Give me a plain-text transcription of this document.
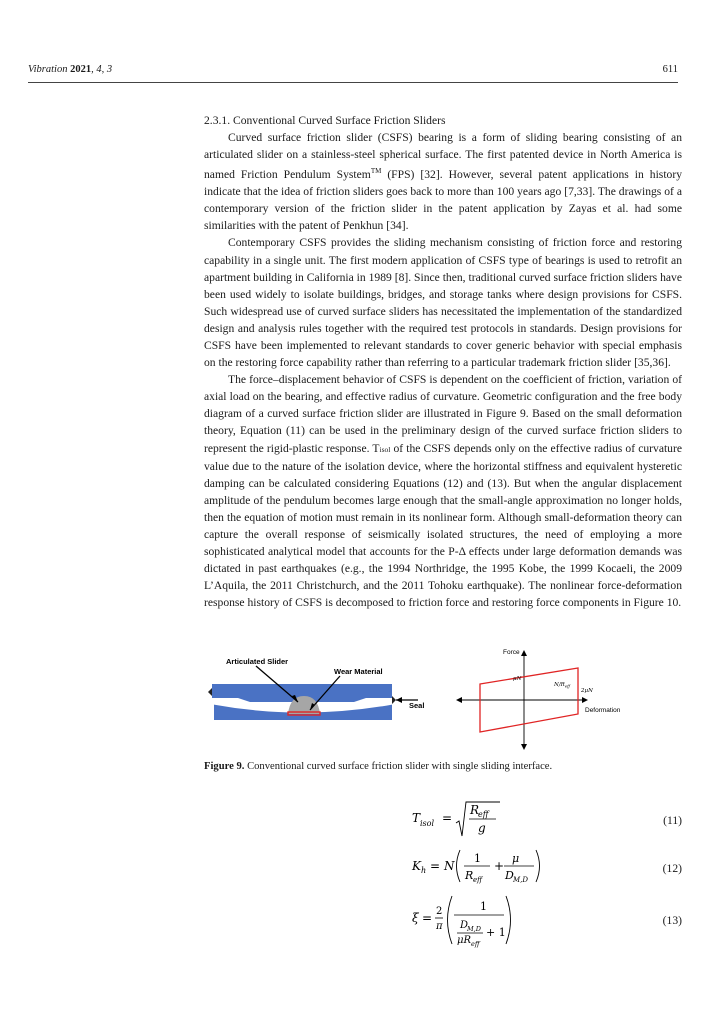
Vibration 2021, 4, 3	611

2.3.1. Conventional Curved Surface Friction Sliders

Curved surface friction slider (CSFS) bearing is a form of sliding bearing consisting of an articulated slider on a stainless-steel spherical surface. The first patented device in North America is named Friction Pendulum System™ (FPS) [32]. However, several patent applications in history indicate that the idea of friction sliders goes back to more than 100 years ago [7,33]. The drawings of a contemporary version of the friction slider in the patent application by Zayas et al. had some similarities with the patent of Penkhun [34].

Contemporary CSFS provides the sliding mechanism consisting of friction force and restoring capability in a single unit. The first modern application of CSFS type of bearings is used to retrofit an apartment building in California in 1989 [8]. Since then, traditional curved surface friction sliders have been used widely to isolate buildings, bridges, and storage tanks where design provisions for CSFS. Such widespread use of curved surface sliders has necessitated the implementation of the standardized design and analysis rules together with the required test protocols in standards. Design provisions for CSFS have been implemented to relevant standards to cover generic behavior with special emphasis on the restoring force capability rather than referring to a particular trademark friction slider [35,36].

The force–displacement behavior of CSFS is dependent on the coefficient of friction, variation of axial load on the bearing, and effective radius of curvature. Geometric configuration and the free body diagram of a curved surface friction slider are illustrated in Figure 9. Based on the small deformation theory, Equation (11) can be used in the preliminary design of the curved surface friction sliders to represent the rigid-plastic response. Tisol of the CSFS depends only on the effective radius of curvature value due to the nature of the isolation device, where the horizontal stiffness and equivalent hysteretic damping can be calculated considering Equations (12) and (13). But when the angular displacement amplitude of the pendulum becomes large enough that the small-angle approximation no longer holds, then the equation of motion must remain in its nonlinear form. Although small-deformation theory can capture the overall response of seismically isolated structures, the need of employing a more sophisticated analytical model that accounts for the P-Δ effects under large deformation demands was dictated in past earthquakes (e.g., the 1994 Northridge, the 1995 Kobe, the 1999 Kocaeli, the 2009 L’Aquila, the 2011 Christchurch, and the 2011 Tohoku earthquake). The nonlinear force-deformation response history of CSFS is decomposed to friction force and restoring force components in Figure 10.

Articulated Slider
Wear Material
Seal
Force
Deformation
μN
$N/R_{eff}$
2μN
Figure 9. Conventional curved surface friction slider with single sliding interface.
T isol =
R
eff
g
(11)
K h = N
1
R eff
+
μ
D M,D
(12)
ξ = 2
π
1
D
M,D
μR eff
+ 1
(13)
